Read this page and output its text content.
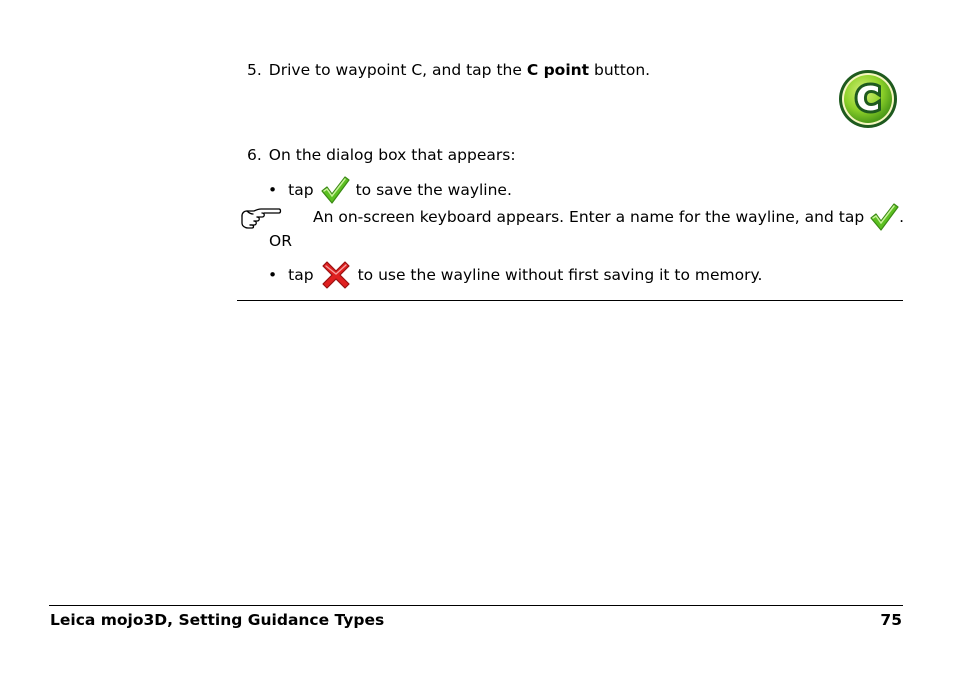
5. Drive to waypoint C, and tap the C point button.
C
6. On the dialog box that appears:
• tap	to save the wayline.
An on-screen keyboard appears. Enter a name for the wayline, and tap .
OR
• tap	to use the wayline without first saving it to memory.
Leica mojo3D, Setting Guidance Types	75
